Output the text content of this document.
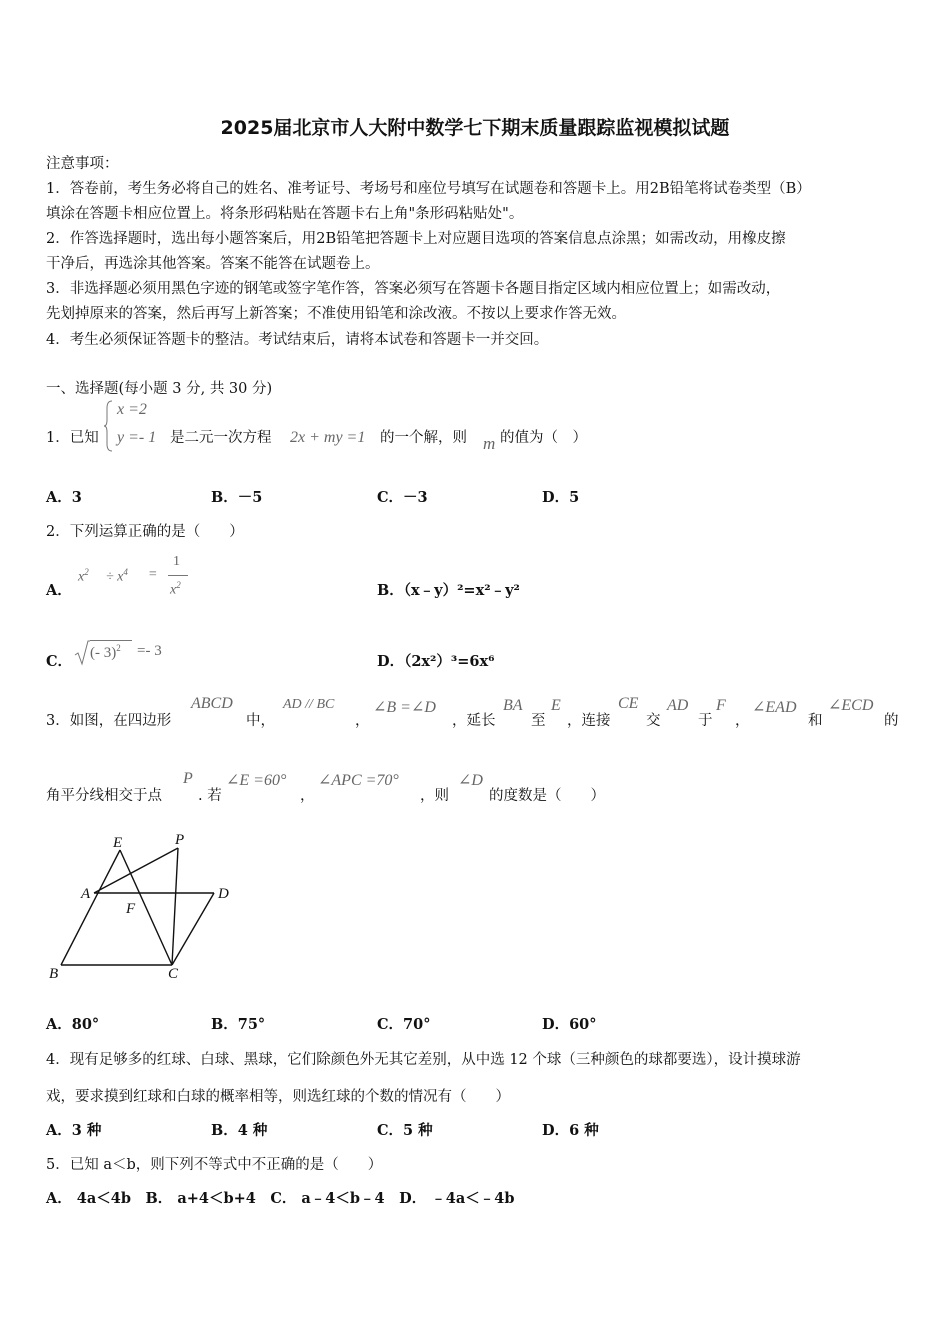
2025届北京市人大附中数学七下期末质量跟踪监视模拟试题
注意事项：
1．答卷前，考生务必将自己的姓名、准考证号、考场号和座位号填写在试题卷和答题卡上。用2B铅笔将试卷类型（B）
填涂在答题卡相应位置上。将条形码粘贴在答题卡右上角"条形码粘贴处"。
2．作答选择题时，选出每小题答案后，用2B铅笔把答题卡上对应题目选项的答案信息点涂黑；如需改动，用橡皮擦
干净后，再选涂其他答案。答案不能答在试题卷上。
3．非选择题必须用黑色字迹的钢笔或签字笔作答，答案必须写在答题卡各题目指定区域内相应位置上；如需改动，
先划掉原来的答案，然后再写上新答案；不准使用铅笔和涂改液。不按以上要求作答无效。
4．考生必须保证答题卡的整洁。考试结束后，请将本试卷和答题卡一并交回。
一、选择题(每小题 3 分, 共 30 分)
1．已知
x =2
y =- 1 是二元一次方程 2x + my =1 的一个解，则 m 的值为（　）
A．3	B．－5	C．－3	D．5
2．下列运算正确的是（　　）
A．
$x^2 \div x^4$ =
1
$x^2$	B．（x﹣y）²=x²﹣y²
C． (- 3)$^2$ =- 3
D．（2x²）³=6x⁶
3．如图，在四边形
ABCD
中，
AD // BC
，
∠B =∠D
，延长
BA
至
E
，连接
CE
交
AD
于
F
，
∠EAD
和
∠ECD
的
角平分线相交于点
P
. 若
∠E =60°
，
∠APC =70°
，则
∠D
的度数是（　　）
E	P
A	D
F
B	C
A．80°	B．75°	C．70°	D．60°
4．现有足够多的红球、白球、黑球，它们除颜色外无其它差别，从中选 12 个球（三种颜色的球都要选），设计摸球游
戏，要求摸到红球和白球的概率相等，则选红球的个数的情况有（　　）
A．3 种	B．4 种	C．5 种	D．6 种
5．已知 a＜b，则下列不等式中不正确的是（　　）
A． 4a＜4b　B． a+4＜b+4　C． a﹣4＜b﹣4　D． ﹣4a＜﹣4b
